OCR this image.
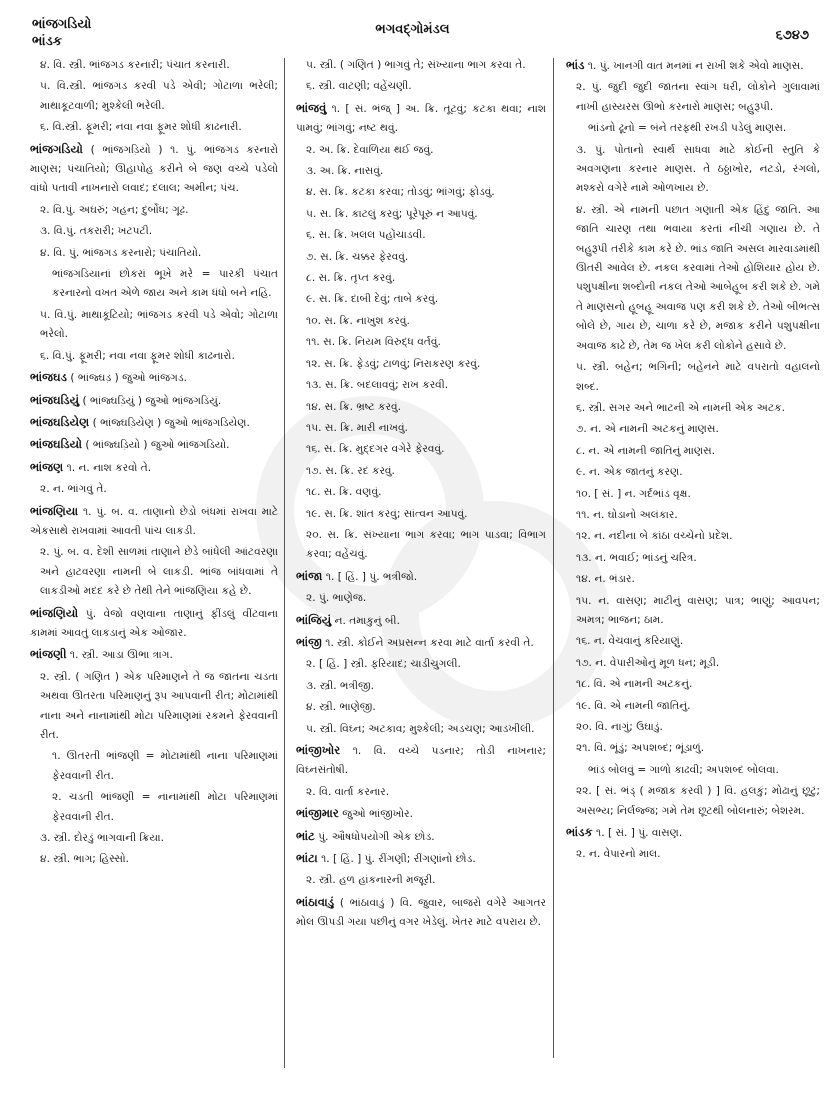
ભાંજગડિયો
ભાંડક
ભગવદ્ગોમંડલ	૬૭૪૭
૪. વિ. સ્ત્રી. ભાંજગડ કરનારી; પંચાત કરનારી.
૫. વિ.સ્ત્રી. ભાંજગડ કરવી પડે એવી; ગોટાળા ભરેલી; માથાકૂટવાળી; મુશ્કેલી ભરેલી.
૬. વિ.સ્ત્રી. ફૂમરી; નવા નવા ફૂમર શોધી કાઢનારી.
ભાંજગડિયો ( ભાંજગડ઼િયો ) ૧. પું. ભાંજગડ કરનારો માણસ; પંચાતિયો; ઊહાપોહ કરીને બે જણ વચ્ચે પડેલો વાંધો પતાવી નાખનારો લવાદ; દલાલ; અમીન; પંચ.
૨. વિ.પું. અઘરું; ગહન; દુર્બોધ; ગૂઢ.
૩. વિ.પું. તકરારી; ખટપટી.
૪. વિ. પું. ભાંજગડ કરનારો; પંચાતિયો.
ભાંજગડિયાનાં છોકરાં ભૂખે મરે = પારકી પંચાત કરનારનો વખત એળે જાય અને કામ ધંધો બને નહિ.
૫. વિ.પું. માથાકૂટિયો; ભાંજગડ કરવી પડે એવો; ગોટાળા ભરેલો.
૬. વિ.પું. ફૂમરી; નવા નવા ફૂમર શોધી કાઢનારો.
ભાંજઘડ ( ભાંજ્ઘડ઼ ) જુઓ ભાંજગડ.
ભાંજઘડિયું ( ભાંજ્ઘડ઼િયું ) જુઓ ભાંજગડિયું.
ભાંજઘડિયેણ ( ભાંજ્ઘડ઼િયેણ ) જુઓ ભાંજગડિયેણ.
ભાંજઘડિયો ( ભાંજ્ઘડ઼િયો ) જુઓ ભાંજગડિયો.
ભાંજણ ૧. ન. નાશ કરવો તે.
૨. ન. ભાંગવું તે.
ભાંજણિયા ૧. પું. બ. વ. તાણાનો છેડો બંધમાં રાખવા માટે એકસાથે રાખવામાં આવતી પાંચ લાકડી.
૨. પું. બ. વ. દેશી સાળમાં તાણાને છેડે બાંધેલી આંટવરણા અને હાટવરણા નામની બે લાકડી. ભાંજ બાંધવામાં તે લાકડીઓ મદદ કરે છે તેથી તેને ભાંજણિયા કહે છે.
ભાંજણિયો પું. વેજો વણવાના તાણાનું ફીંડલું વીંટવાના કામમાં આવતું લાકડાનું એક ઓજાર.
ભાંજણી ૧. સ્ત્રી. આડા ઊભા ત્રાગ.
૨. સ્ત્રી. ( ગણિત ) એક પરિમાણને તે જ જાતના ચડતા અથવા ઊતરતા પરિમાણનું રૂપ આપવાની રીત; મોટામાંથી નાના અને નાનામાંથી મોટા પરિમાણમાં રકમને ફેરવવાની રીત.
૧. ઊતરતી ભાંજણી = મોટામાંથી નાના પરિમાણમાં ફેરવવાની રીત.
૨. ચડતી ભાંજણી = નાનામાંથી મોટા પરિમાણમાં ફેરવવાની રીત.
૩. સ્ત્રી. દોરડું ભાગવાની ક્રિયા.
૪. સ્ત્રી. ભાગ; હિસ્સો.
૫. સ્ત્રી. ( ગણિત ) ભાગવું તે; સંખ્યાના ભાગ કરવા તે.
૬. સ્ત્રી. વાટણી; વહેંચણી.
ભાંજવું ૧. [ સં. ભંજ્ ] અ. ક્રિ. તૂટવું; કટકા થવા; નાશ પામવું; ભાંગવું; નષ્ટ થવું.
૨. અ. ક્રિ. દેવાળિયા થઈ જવું.
૩. અ. ક્રિ. નાસવું.
૪. સ. ક્રિ. કટકા કરવા; તોડવું; ભાંગવું; ફોડવું.
૫. સ. ક્રિ. કાટલું કરવું; પૂરેપૂરું ન આપવું.
૬. સ. ક્રિ. ખલલ પહોંચાડવી.
૭. સ. ક્રિ. ચક્કર ફેરવવું.
૮. સ. ક્રિ. તૃપ્ત કરવું.
૯. સ. ક્રિ. દાબી દેવું; તાબે કરવું.
૧૦. સ. ક્રિ. નાખુશ કરવું.
૧૧. સ. ક્રિ. નિયમ વિરુદ્ધ વર્તવું.
૧૨. સ. ક્રિ. ફેડવું; ટાળવું; નિરાકરણ કરવું.
૧૩. સ. ક્રિ. બદલાવવું; રાખ કરવી.
૧૪. સ. ક્રિ. ભ્રષ્ટ કરવું.
૧૫. સ. ક્રિ. મારી નાખવું.
૧૬. સ. ક્રિ. મુદ્દગર વગેરે ફેરવવું.
૧૭. સ. ક્રિ. રદ કરવું.
૧૮. સ. ક્રિ. વણવું.
૧૯. સ. ક્રિ. શાંત કરવું; સાંત્વન આપવું.
૨૦. સ. ક્રિ. સંખ્યાના ભાગ કરવા; ભાગ પાડવા; વિભાગ કરવા; વહેંચવું.
ભાંજા ૧. [ હિં. ] પું. ભત્રીજો.
૨. પું. ભાણેજ.
ભાંજિયું ન. તમાકુનું બી.
ભાંજી ૧. સ્ત્રી. કોઈને અપ્રસન્ન કરવા માટે વાર્તા કરવી તે.
૨. [ હિં. ] સ્ત્રી. ફરિયાદ; ચાડીચુગલી.
૩. સ્ત્રી. ભત્રીજી.
૪. સ્ત્રી. ભાણેજી.
૫. સ્ત્રી. વિઘ્ન; અટકાવ; મુશ્કેલી; અડચણ; આડખીલી.
ભાંજીખોર ૧. વિ. વચ્ચે પડનાર; તોડી નાખનાર; વિઘ્નસંતોષી.
૨. વિ. વાર્તા કરનાર.
ભાંજીમાર જુઓ ભાંજીખોર.
ભાંટ પું. ઔષધોપયોગી એક છોડ.
ભાંટા ૧. [ હિં. ] પું. રીંગણી; રીંગણાંનો છોડ.
૨. સ્ત્રી. હળ હાંકનારની મજૂરી.
ભાંઠાવાડું ( ભાંઠાવાડું ) વિ. જુવાર, બાજરો વગેરે આગતર મોલ ઊપડી ગયા પછીનું વગર ખેડેલું. ખેતર માટે વપરાય છે.
ભાંડ ૧. પું. ખાનગી વાત મનમાં ન રાખી શકે એવો માણસ.
૨. પું. જુદી જુદી જાતના સ્વાંગ ધરી, લોકોને ગુલાવામાં નાખી હાસ્યરસ ઊભો કરનારો માણસ; બહુરૂપી.
ભાંડનો ઢૂનો = બંને તરફથી રખડી પડેલું માણસ.
૩. પું. પોતાનો સ્વાર્થ સાધવા માટે કોઈની સ્તુતિ કે અવગણના કરનાર માણસ. તે ઠઠ્ઠાખોર, નટડો, રંગલો, મશ્કરો વગેરે નામે ઓળખાય છે.
૪. સ્ત્રી. એ નામની પછાત ગણાતી એક હિંદુ જાતિ. આ જાતિ ચારણ તથા ભવાયા કરતાં નીચી ગણાય છે. તે બહુરૂપી તરીકે કામ કરે છે. ભાંડ જાતિ અસલ મારવાડમાંથી ઊતરી આવેલ છે. નકલ કરવામાં તેઓ હોશિયાર હોય છે. પશુપક્ષીના શબ્દોની નકલ તેઓ આબેહૂબ કરી શકે છે. ગમે તે માણસનો હૂબહૂ અવાજ પણ કરી શકે છે. તેઓ બીભત્સ બોલે છે, ગાય છે, ચાળા કરે છે, મજાક કરીને પશુપક્ષીના અવાજ કાઢે છે, તેમ જ ખેલ કરી લોકોને હસાવે છે.
૫. સ્ત્રી. બહેન; ભગિની; બહેનને માટે વપરાતો વહાલનો શબ્દ.
૬. સ્ત્રી. સગર અને ભાટની એ નામની એક અટક.
૭. ન. એ નામની અટકનું માણસ.
૮. ન. એ નામની જાતિનું માણસ.
૯. ન. એક જાતનું કરણ.
૧૦. [ સં. ] ન. ગર્દભાંડ વૃક્ષ.
૧૧. ન. ઘોડાનો અલંકાર.
૧૨. ન. નદીના બે કાંઠા વચ્ચેનો પ્રદેશ.
૧૩. ન. ભવાઈ; ભાંડનું ચરિત્ર.
૧૪. ન. ભંડાર.
૧૫. ન. વાસણ; માટીનું વાસણ; પાત્ર; ભાણું; આવપન; અમત્ર; ભાજન; ઠામ.
૧૬. ન. વેચવાનું કરિયાણું.
૧૭. ન. વેપારીઓનું મૂળ ધન; મૂડી.
૧૮. વિ. એ નામની અટકનું.
૧૯. વિ. એ નામની જાતિનું.
૨૦. વિ. નાગું; ઉઘાડું.
૨૧. વિ. ભૂંડું; અપશબ્દ; ભૂંડાળું.
ભાંડ બોલવું = ગાળો કાઢવી; અપશબ્દ બોલવા.
૨૨. [ સં. ભંડ્ ( મજાક કરવી ) ] વિ. હલકું; મોઢાનું છૂટું; અસભ્ય; નિર્લજ્જ; ગમે તેમ છૂટથી બોલનારું; બેશરમ.
ભાંડક ૧. [ સં. ] પું. વાસણ.
૨. ન. વેપારનો માલ.
